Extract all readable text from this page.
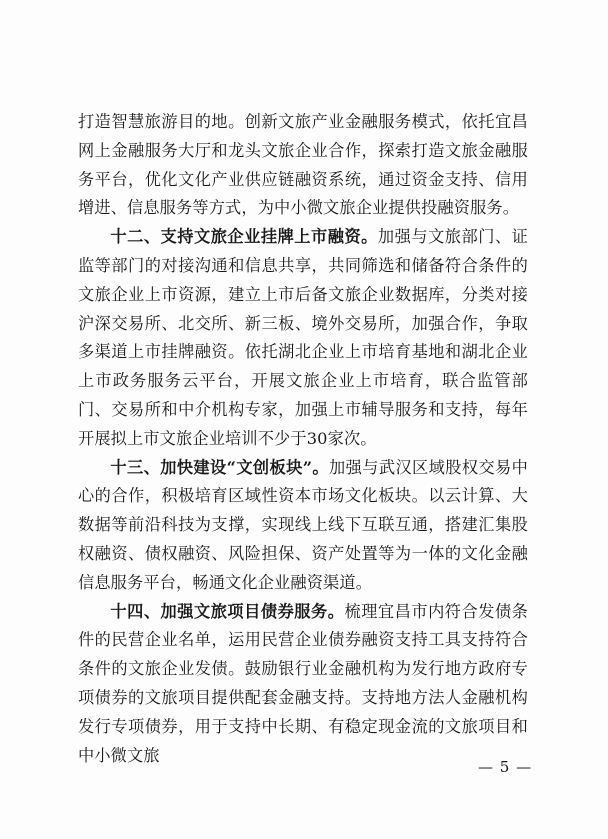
打造智慧旅游目的地。创新文旅产业金融服务模式，依托宜昌网上金融服务大厅和龙头文旅企业合作，探索打造文旅金融服务平台，优化文化产业供应链融资系统，通过资金支持、信用增进、信息服务等方式，为中小微文旅企业提供投融资服务。

十二、支持文旅企业挂牌上市融资。加强与文旅部门、证监等部门的对接沟通和信息共享，共同筛选和储备符合条件的文旅企业上市资源，建立上市后备文旅企业数据库，分类对接沪深交易所、北交所、新三板、境外交易所，加强合作，争取多渠道上市挂牌融资。依托湖北企业上市培育基地和湖北企业上市政务服务云平台，开展文旅企业上市培育，联合监管部门、交易所和中介机构专家，加强上市辅导服务和支持，每年开展拟上市文旅企业培训不少于30家次。

十三、加快建设“文创板块”。加强与武汉区域股权交易中心的合作，积极培育区域性资本市场文化板块。以云计算、大数据等前沿科技为支撑，实现线上线下互联互通，搭建汇集股权融资、债权融资、风险担保、资产处置等为一体的文化金融信息服务平台，畅通文化企业融资渠道。

十四、加强文旅项目债券服务。梳理宜昌市内符合发债条件的民营企业名单，运用民营企业债券融资支持工具支持符合条件的文旅企业发债。鼓励银行业金融机构为发行地方政府专项债券的文旅项目提供配套金融支持。支持地方法人金融机构发行专项债券，用于支持中长期、有稳定现金流的文旅项目和中小微文旅

— 5 —
